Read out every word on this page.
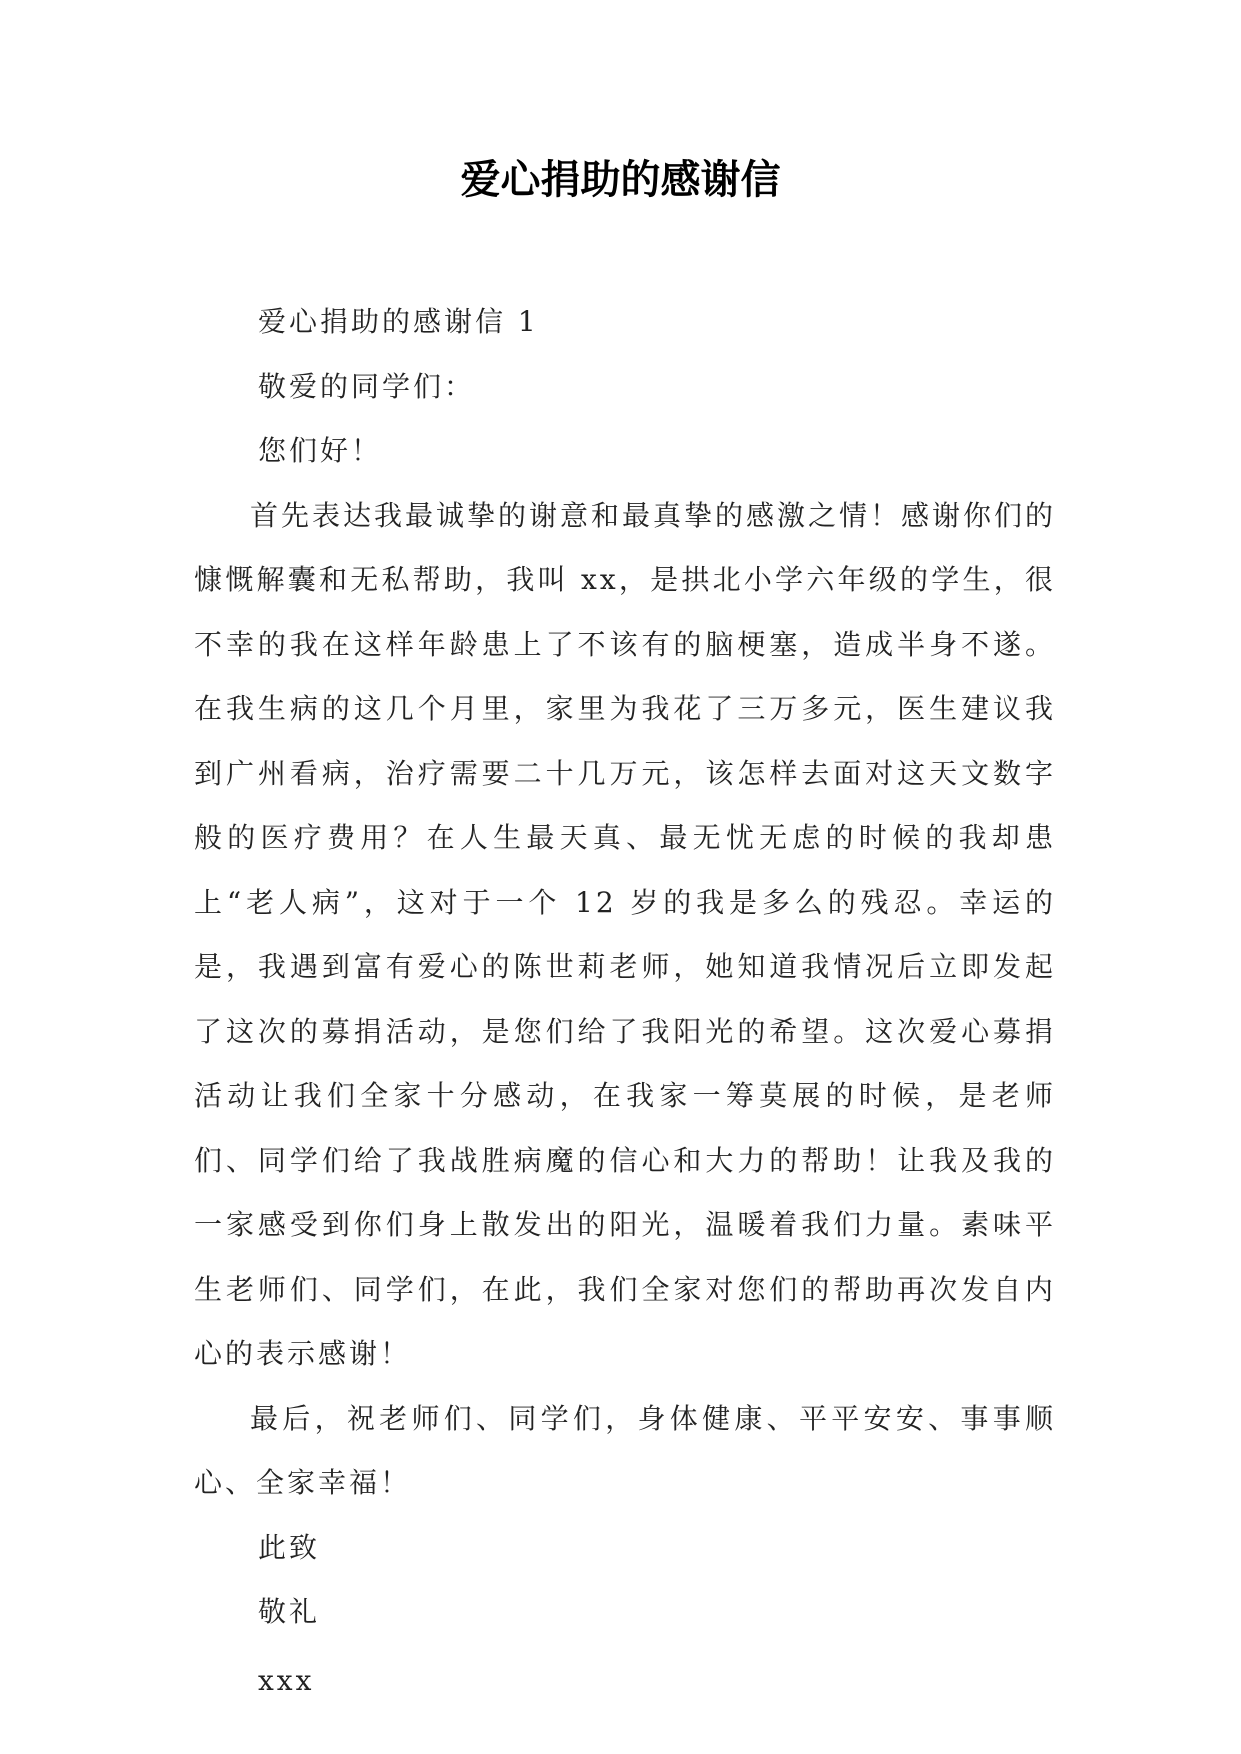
爱心捐助的感谢信

爱心捐助的感谢信 1

敬爱的同学们：

您们好！

首先表达我最诚挚的谢意和最真挚的感激之情！感谢你们的慷慨解囊和无私帮助，我叫 xx，是拱北小学六年级的学生，很不幸的我在这样年龄患上了不该有的脑梗塞，造成半身不遂。在我生病的这几个月里，家里为我花了三万多元，医生建议我到广州看病，治疗需要二十几万元，该怎样去面对这天文数字般的医疗费用？在人生最天真、最无忧无虑的时候的我却患上“老人病”，这对于一个 12 岁的我是多么的残忍。幸运的是，我遇到富有爱心的陈世莉老师，她知道我情况后立即发起了这次的募捐活动，是您们给了我阳光的希望。这次爱心募捐活动让我们全家十分感动，在我家一筹莫展的时候，是老师们、同学们给了我战胜病魔的信心和大力的帮助！让我及我的一家感受到你们身上散发出的阳光，温暖着我们力量。素味平生老师们、同学们，在此，我们全家对您们的帮助再次发自内心的表示感谢！

最后，祝老师们、同学们，身体健康、平平安安、事事顺心、全家幸福！

此致

敬礼

xxx
